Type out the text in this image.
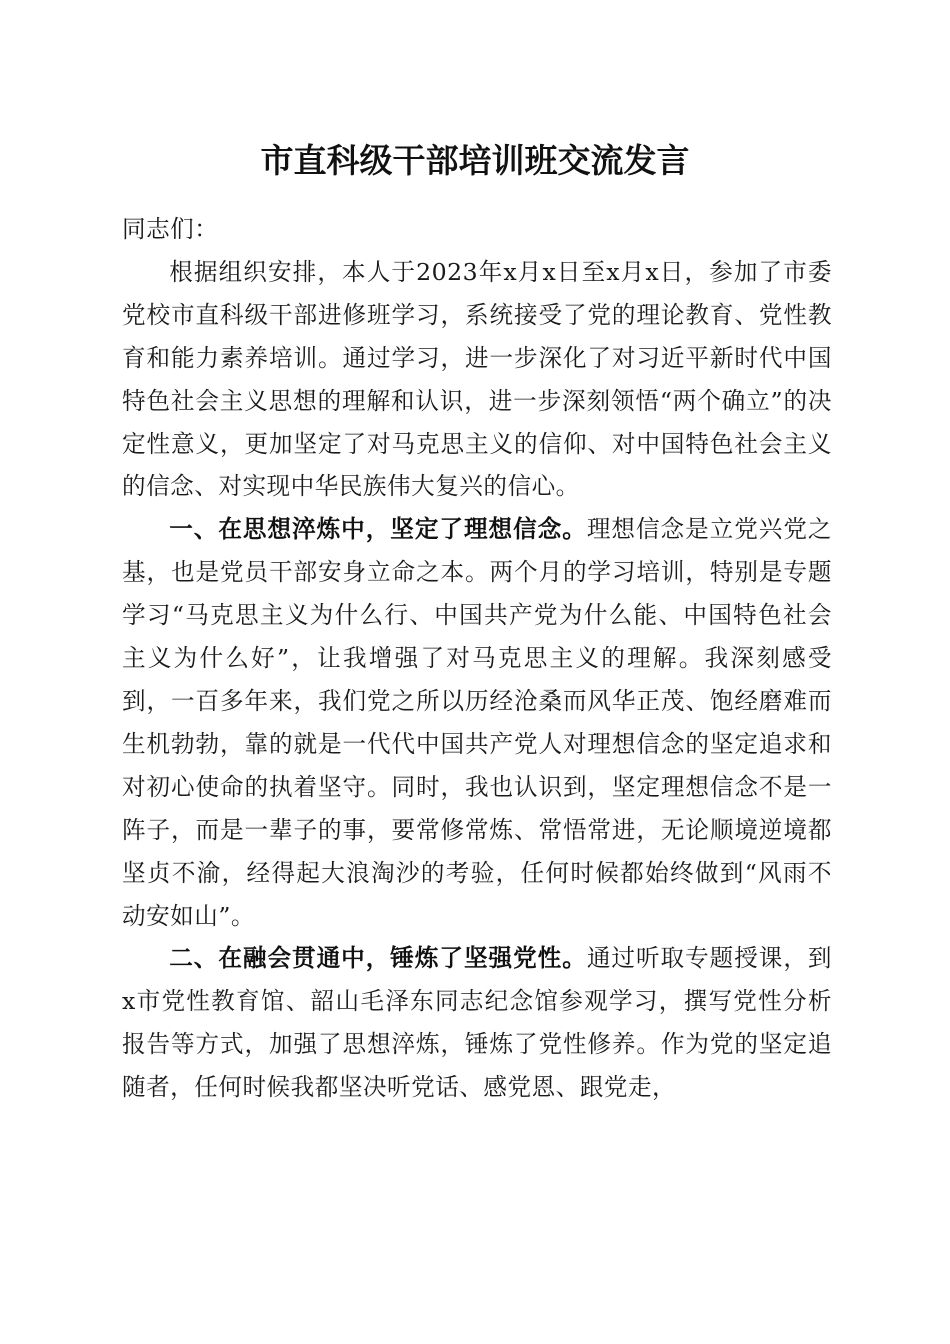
市直科级干部培训班交流发言

同志们：

根据组织安排，本人于2023年x月x日至x月x日，参加了市委党校市直科级干部进修班学习，系统接受了党的理论教育、党性教育和能力素养培训。通过学习，进一步深化了对习近平新时代中国特色社会主义思想的理解和认识，进一步深刻领悟“两个确立”的决定性意义，更加坚定了对马克思主义的信仰、对中国特色社会主义的信念、对实现中华民族伟大复兴的信心。

一、在思想淬炼中，坚定了理想信念。理想信念是立党兴党之基，也是党员干部安身立命之本。两个月的学习培训，特别是专题学习“马克思主义为什么行、中国共产党为什么能、中国特色社会主义为什么好”，让我增强了对马克思主义的理解。我深刻感受到，一百多年来，我们党之所以历经沧桑而风华正茂、饱经磨难而生机勃勃，靠的就是一代代中国共产党人对理想信念的坚定追求和对初心使命的执着坚守。同时，我也认识到，坚定理想信念不是一阵子，而是一辈子的事，要常修常炼、常悟常进，无论顺境逆境都坚贞不渝，经得起大浪淘沙的考验，任何时候都始终做到“风雨不动安如山”。

二、在融会贯通中，锤炼了坚强党性。通过听取专题授课，到x市党性教育馆、韶山毛泽东同志纪念馆参观学习，撰写党性分析报告等方式，加强了思想淬炼，锤炼了党性修养。作为党的坚定追随者，任何时候我都坚决听党话、感党恩、跟党走，
